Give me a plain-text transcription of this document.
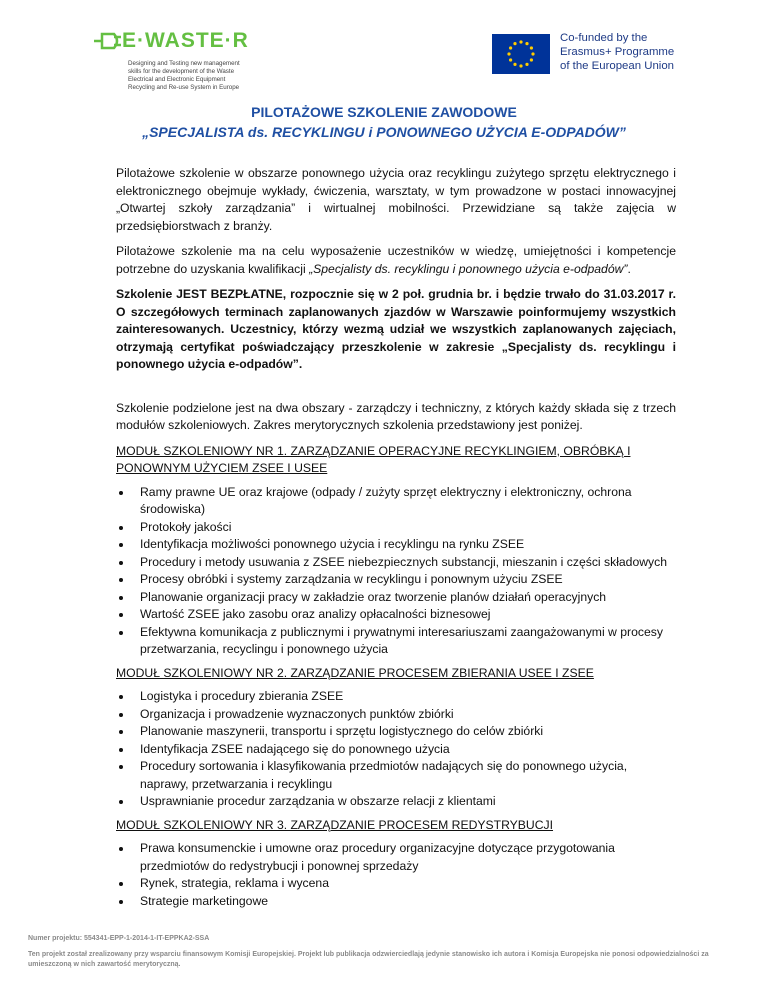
E·WASTE·R
Designing and Testing new management
skills for the development of the Waste
Electrical and Electronic Equipment
Recycling and Re-use System in Europe
Co-funded by the
Erasmus+ Programme
of the European Union
PILOTAŻOWE SZKOLENIE ZAWODOWE
„SPECJALISTA ds. RECYKLINGU i PONOWNEGO UŻYCIA E-ODPADÓW”

Pilotażowe szkolenie w obszarze ponownego użycia oraz recyklingu zużytego sprzętu elektrycznego i elektronicznego obejmuje wykłady, ćwiczenia, warsztaty, w tym prowadzone w postaci innowacyjnej „Otwartej szkoły zarządzania” i wirtualnej mobilności. Przewidziane są także zajęcia w przedsiębiorstwach z branży.

Pilotażowe szkolenie ma na celu wyposażenie uczestników w wiedzę, umiejętności i kompetencje potrzebne do uzyskania kwalifikacji „Specjalisty ds. recyklingu i ponownego użycia e-odpadów”.

Szkolenie JEST BEZPŁATNE, rozpocznie się w 2 poł. grudnia br. i będzie trwało do 31.03.2017 r. O szczegółowych terminach zaplanowanych zjazdów w Warszawie poinformujemy wszystkich zainteresowanych. Uczestnicy, którzy wezmą udział we wszystkich zaplanowanych zajęciach, otrzymają certyfikat poświadczający przeszkolenie w zakresie „Specjalisty ds. recyklingu i ponownego użycia e-odpadów”.

Szkolenie podzielone jest na dwa obszary - zarządczy i techniczny, z których każdy składa się z trzech modułów szkoleniowych. Zakres merytorycznych szkolenia przedstawiony jest poniżej.

MODUŁ SZKOLENIOWY NR 1. ZARZĄDZANIE OPERACYJNE RECYKLINGIEM, OBRÓBKĄ I PONOWNYM UŻYCIEM ZSEE I USEE
Ramy prawne UE oraz krajowe (odpady / zużyty sprzęt elektryczny i elektroniczny, ochrona środowiska)
Protokoły jakości
Identyfikacja możliwości ponownego użycia i recyklingu na rynku ZSEE
Procedury i metody usuwania z ZSEE niebezpiecznych substancji, mieszanin i części składowych
Procesy obróbki i systemy zarządzania w recyklingu i ponownym użyciu ZSEE
Planowanie organizacji pracy w zakładzie oraz tworzenie planów działań operacyjnych
Wartość ZSEE jako zasobu oraz analizy opłacalności biznesowej
Efektywna komunikacja z publicznymi i prywatnymi interesariuszami zaangażowanymi w procesy przetwarzania, recyclingu i ponownego użycia
MODUŁ SZKOLENIOWY NR 2. ZARZĄDZANIE PROCESEM ZBIERANIA USEE I ZSEE
Logistyka i procedury zbierania ZSEE
Organizacja i prowadzenie wyznaczonych punktów zbiórki
Planowanie maszynerii, transportu i sprzętu logistycznego do celów zbiórki
Identyfikacja ZSEE nadającego się do ponownego użycia
Procedury sortowania i klasyfikowania przedmiotów nadających się do ponownego użycia, naprawy, przetwarzania i recyklingu
Usprawnianie procedur zarządzania w obszarze relacji z klientami
MODUŁ SZKOLENIOWY NR 3. ZARZĄDZANIE PROCESEM REDYSTRYBUCJI
Prawa konsumenckie i umowne oraz procedury organizacyjne dotyczące przygotowania przedmiotów do redystrybucji i ponownej sprzedaży
Rynek, strategia, reklama i wycena
Strategie marketingowe
Numer projektu: 554341-EPP-1-2014-1-IT-EPPKA2-SSA
Ten projekt został zrealizowany przy wsparciu finansowym Komisji Europejskiej. Projekt lub publikacja odzwierciedlają jedynie stanowisko ich autora i Komisja Europejska nie ponosi odpowiedzialności za umieszczoną w nich zawartość merytoryczną.
